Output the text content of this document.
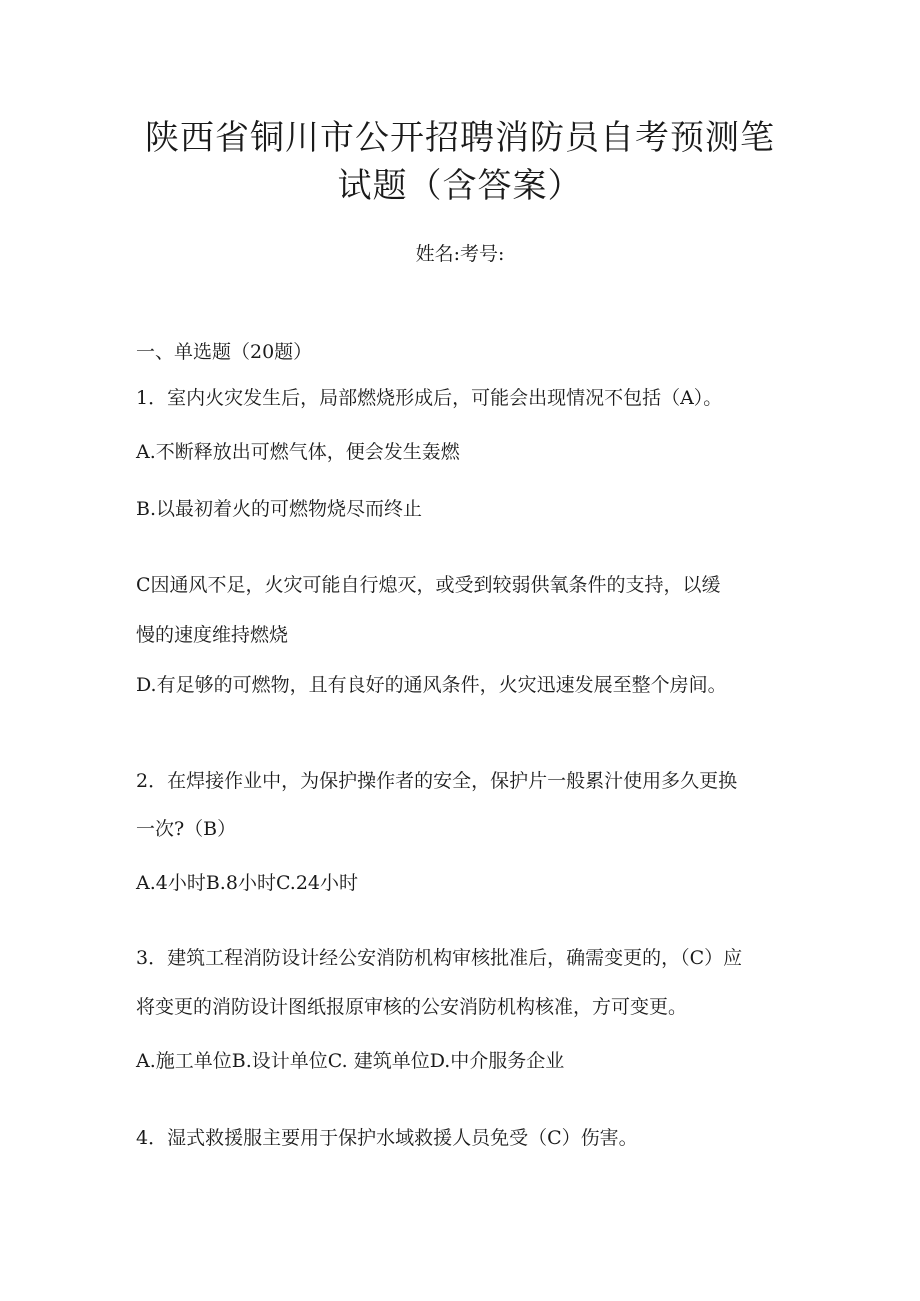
陕西省铜川市公开招聘消防员自考预测笔
试题（含答案）
姓名:考号:

一、单选题（20题）

1．室内火灾发生后，局部燃烧形成后，可能会出现情况不包括（A）。

A.不断释放出可燃气体，便会发生轰燃

B.以最初着火的可燃物烧尽而终止

C因通风不足，火灾可能自行熄灭，或受到较弱供氧条件的支持，以缓

慢的速度维持燃烧

D.有足够的可燃物，且有良好的通风条件，火灾迅速发展至整个房间。

2．在焊接作业中，为保护操作者的安全，保护片一般累汁使用多久更换

一次?（B）

A.4小时B.8小时C.24小时

3．建筑工程消防设计经公安消防机构审核批准后，确需变更的，（C）应

将变更的消防设计图纸报原审核的公安消防机构核准，方可变更。

A.施工单位B.设计单位C. 建筑单位D.中介服务企业

4．湿式救援服主要用于保护水域救援人员免受（C）伤害。
